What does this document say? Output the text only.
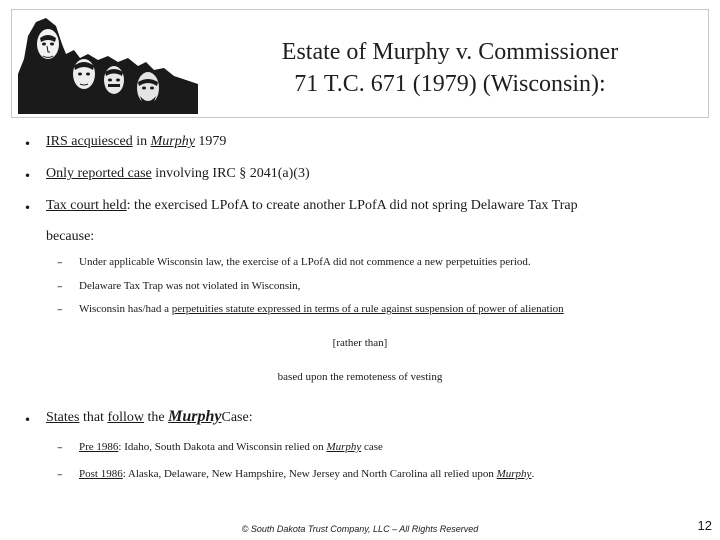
Estate of Murphy v. Commissioner
71 T.C. 671 (1979) (Wisconsin):
• IRS acquiesced in Murphy 1979
• Only reported case involving IRC § 2041(a)(3)
• Tax court held: the exercised LPofA to create another LPofA did not spring Delaware Tax Trap
because:
– Under applicable Wisconsin law, the exercise of a LPofA did not commence a new perpetuities period.
– Delaware Tax Trap was not violated in Wisconsin,
– Wisconsin has/had a perpetuities statute expressed in terms of a rule against suspension of power of alienation
[rather than]
based upon the remoteness of vesting
• States that follow the MurphyCase:
– Pre 1986: Idaho, South Dakota and Wisconsin relied on Murphy case
– Post 1986: Alaska, Delaware, New Hampshire, New Jersey and North Carolina all relied upon Murphy.
© South Dakota Trust Company, LLC – All Rights Reserved	12
